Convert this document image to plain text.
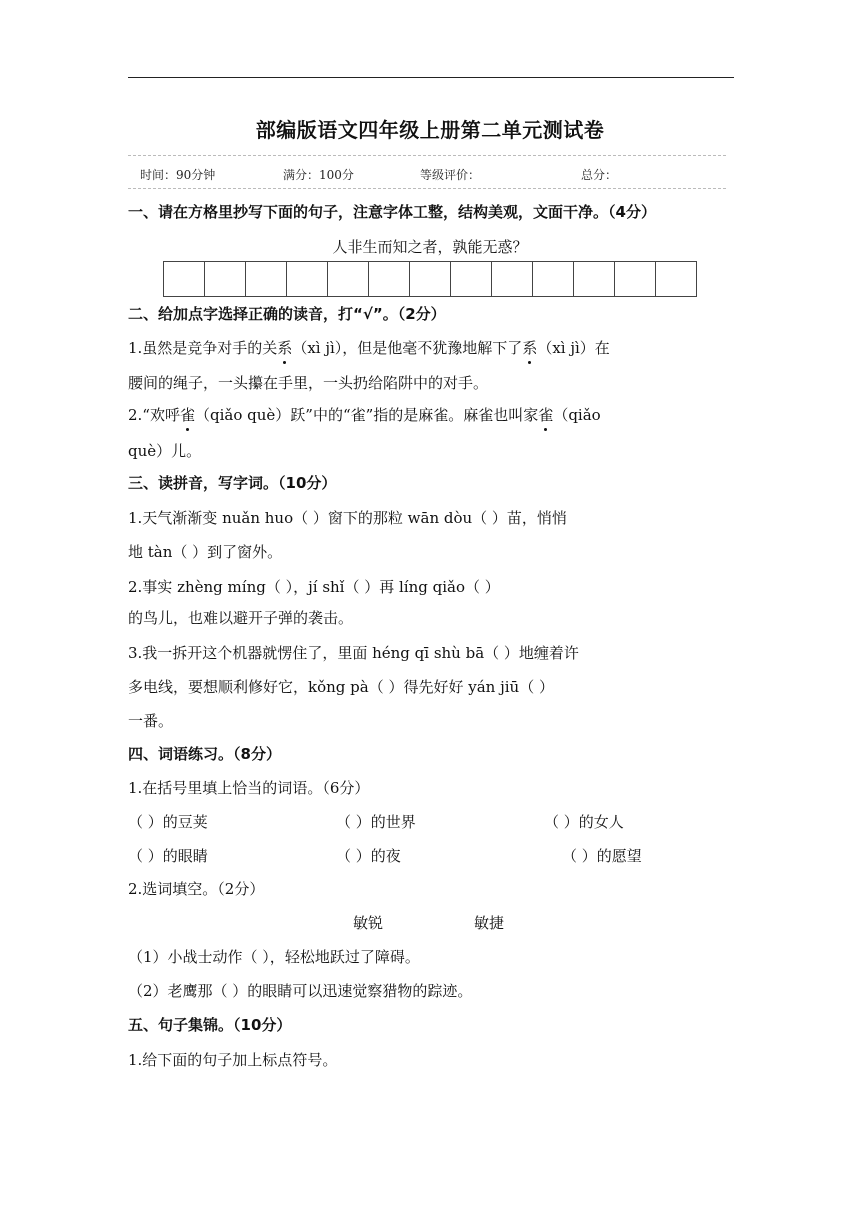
部编版语文四年级上册第二单元测试卷
时间：90分钟	满分：100分	等级评价：	总分：
一、请在方格里抄写下面的句子，注意字体工整，结构美观，文面干净。（4分）
人非生而知之者，孰能无惑？
二、给加点字选择正确的读音，打“√”。（2分）
1.虽然是竞争对手的关系（xì jì），但是他毫不犹豫地解下了系（xì jì）在
腰间的绳子，一头攥在手里，一头扔给陷阱中的对手。
2.“欢呼雀（qiǎo què）跃”中的“雀”指的是麻雀。麻雀也叫家雀（qiǎo
què）儿。
三、读拼音，写字词。（10分）
1.天气渐渐变 nuǎn huo（ ）窗下的那粒 wān dòu（ ）苗，悄悄
地 tàn（ ）到了窗外。
2.事实 zhèng míng（ ），jí shǐ（ ）再 líng qiǎo（ ）
的鸟儿，也难以避开子弹的袭击。
3.我一拆开这个机器就愣住了，里面 héng qī shù bā（ ）地缠着许
多电线，要想顺利修好它，kǒng pà（ ）得先好好 yán jiū（ ）
一番。
四、词语练习。（8分）
1.在括号里填上恰当的词语。（6分）
（ ）的豆荚	（ ）的世界	（ ）的女人
（ ）的眼睛	（ ）的夜	（ ）的愿望
2.选词填空。（2分）
敏锐	敏捷
（1）小战士动作（ ），轻松地跃过了障碍。
（2）老鹰那（ ）的眼睛可以迅速觉察猎物的踪迹。
五、句子集锦。（10分）
1.给下面的句子加上标点符号。
